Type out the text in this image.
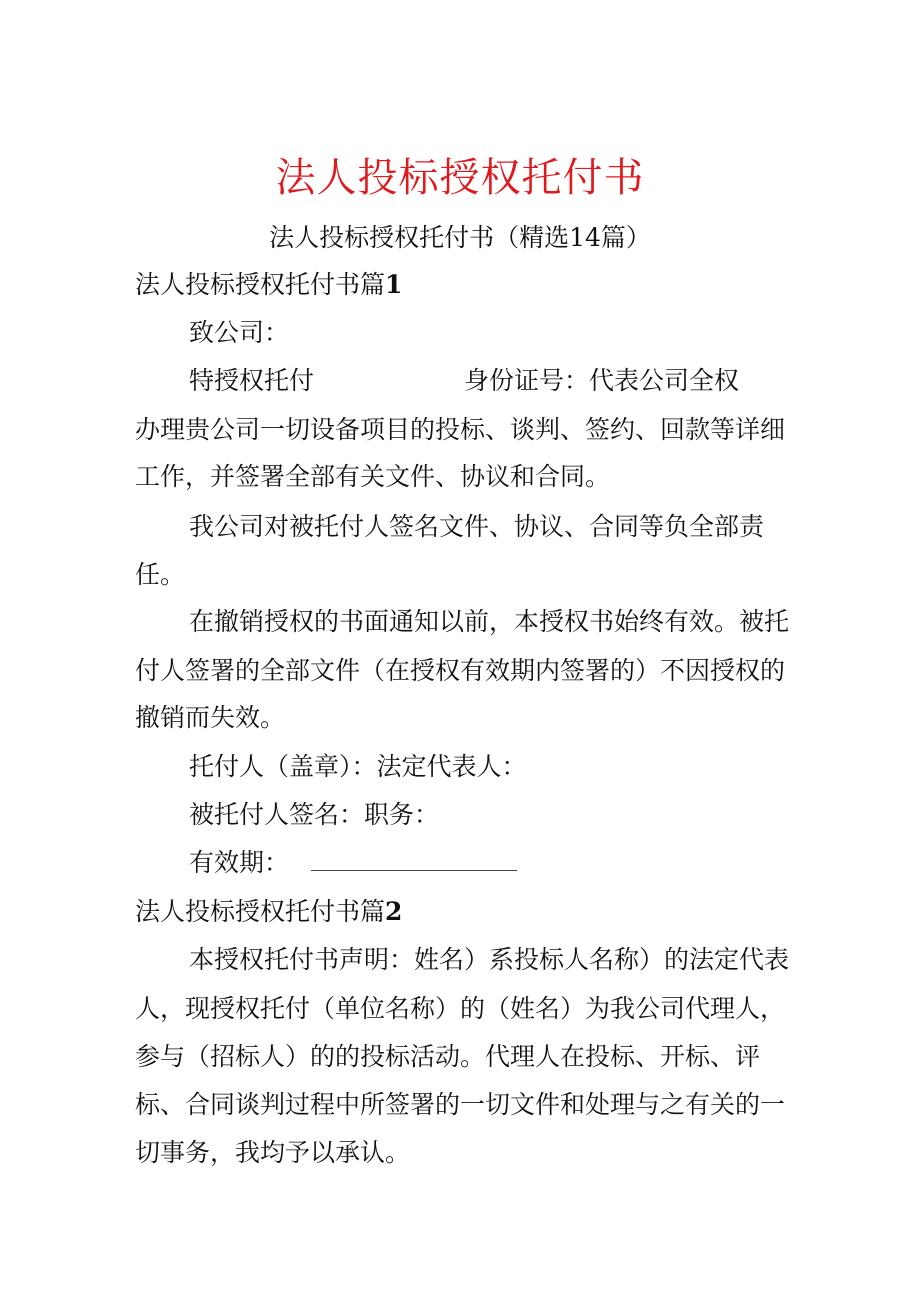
法人投标授权托付书
法人投标授权托付书（精选14篇）
法人投标授权托付书篇1
致公司：
特授权托付	身份证号：代表公司全权
办理贵公司一切设备项目的投标、谈判、签约、回款等详细
工作，并签署全部有关文件、协议和合同。
我公司对被托付人签名文件、协议、合同等负全部责
任。
在撤销授权的书面通知以前，本授权书始终有效。被托
付人签署的全部文件（在授权有效期内签署的）不因授权的
撤销而失效。
托付人（盖章）：法定代表人：
被托付人签名：职务：
有效期：
法人投标授权托付书篇2
本授权托付书声明：姓名）系投标人名称）的法定代表
人，现授权托付（单位名称）的（姓名）为我公司代理人，
参与（招标人）的的投标活动。代理人在投标、开标、评
标、合同谈判过程中所签署的一切文件和处理与之有关的一
切事务，我均予以承认。
